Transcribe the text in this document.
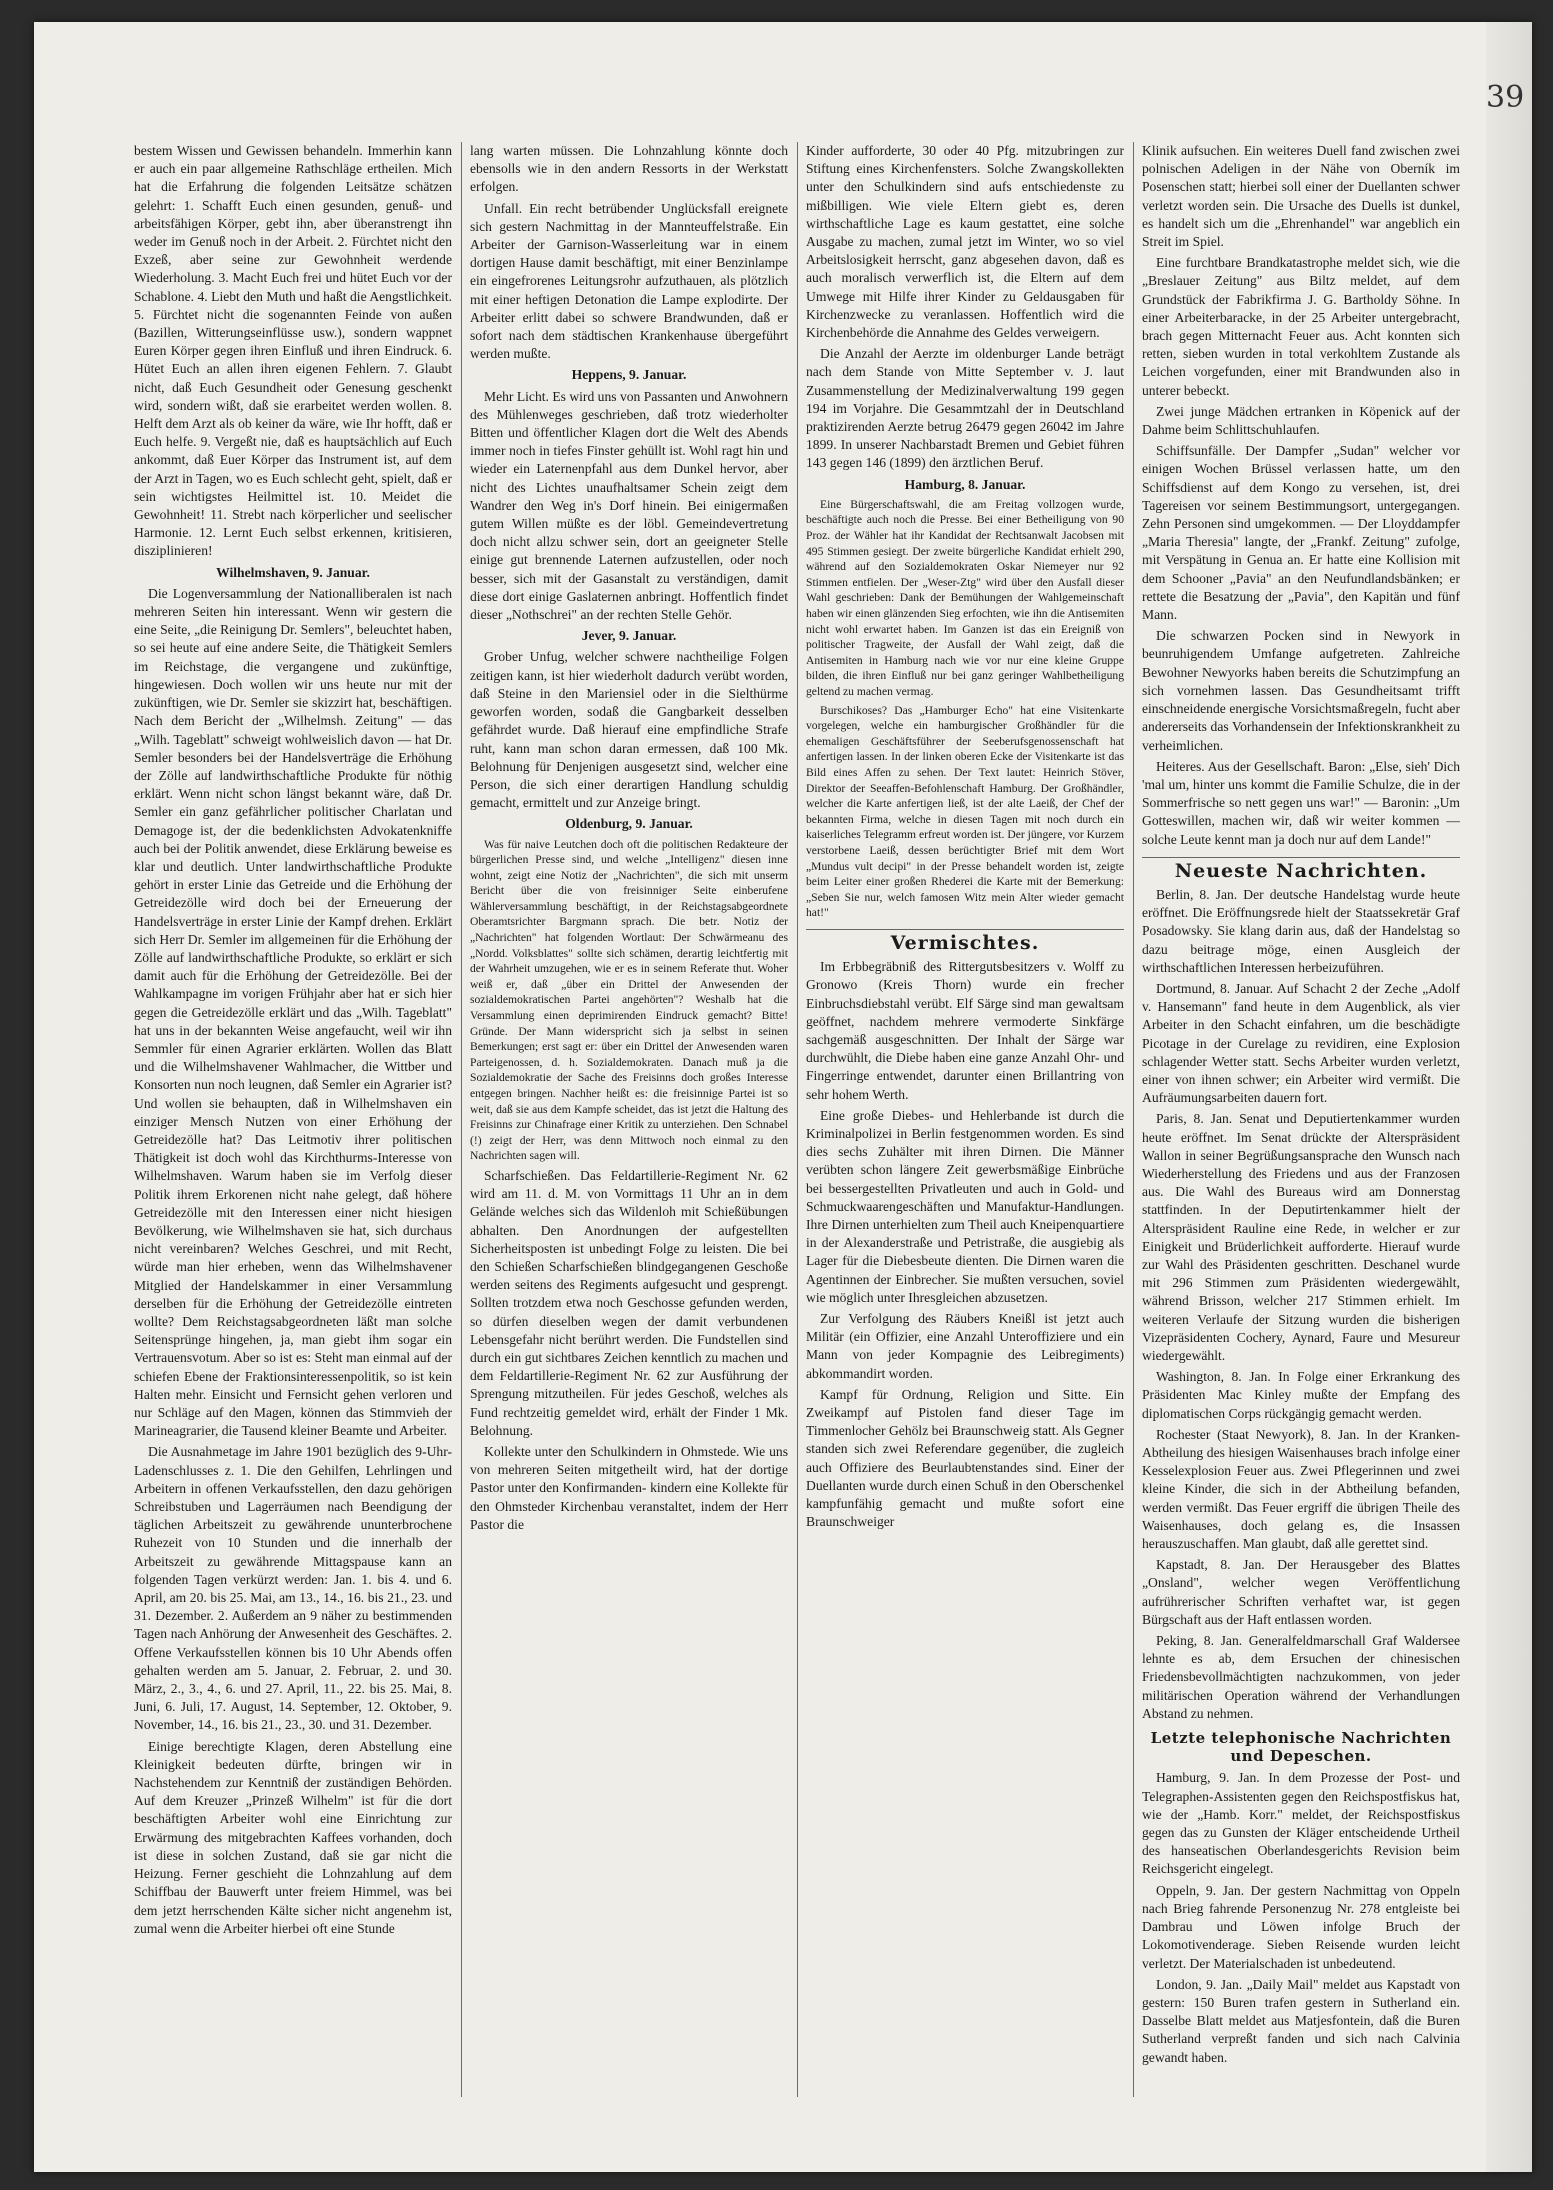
39

bestem Wissen und Gewissen behandeln. Immerhin kann er auch ein paar allgemeine Rathschläge ertheilen. Mich hat die Erfahrung die folgenden Leitsätze schätzen gelehrt: 1. Schafft Euch einen gesunden, genuß- und arbeitsfähigen Körper, gebt ihn, aber überanstrengt ihn weder im Genuß noch in der Arbeit. 2. Fürchtet nicht den Exzeß, aber seine zur Gewohnheit werdende Wiederholung. 3. Macht Euch frei und hütet Euch vor der Schablone. 4. Liebt den Muth und haßt die Aengstlichkeit. 5. Fürchtet nicht die sogenannten Feinde von außen (Bazillen, Witterungseinflüsse usw.), sondern wappnet Euren Körper gegen ihren Einfluß und ihren Eindruck. 6. Hütet Euch an allen ihren eigenen Fehlern. 7. Glaubt nicht, daß Euch Gesundheit oder Genesung geschenkt wird, sondern wißt, daß sie erarbeitet werden wollen. 8. Helft dem Arzt als ob keiner da wäre, wie Ihr hofft, daß er Euch helfe. 9. Vergeßt nie, daß es hauptsächlich auf Euch ankommt, daß Euer Körper das Instrument ist, auf dem der Arzt in Tagen, wo es Euch schlecht geht, spielt, daß er sein wichtigstes Heilmittel ist. 10. Meidet die Gewohnheit! 11. Strebt nach körperlicher und seelischer Harmonie. 12. Lernt Euch selbst erkennen, kritisieren, disziplinieren!

Wilhelmshaven, 9. Januar.

Die Logenversammlung der Nationalliberalen ist nach mehreren Seiten hin interessant. Wenn wir gestern die eine Seite, „die Reinigung Dr. Semlers", beleuchtet haben, so sei heute auf eine andere Seite, die Thätigkeit Semlers im Reichstage, die vergangene und zukünftige, hingewiesen. Doch wollen wir uns heute nur mit der zukünftigen, wie Dr. Semler sie skizzirt hat, beschäftigen. Nach dem Bericht der „Wilhelmsh. Zeitung" — das „Wilh. Tageblatt" schweigt wohlweislich davon — hat Dr. Semler besonders bei der Handelsverträge die Erhöhung der Zölle auf landwirthschaftliche Produkte für nöthig erklärt. Wenn nicht schon längst bekannt wäre, daß Dr. Semler ein ganz gefährlicher politischer Charlatan und Demagoge ist, der die bedenklichsten Advokatenkniffe auch bei der Politik anwendet, diese Erklärung beweise es klar und deutlich. Unter landwirthschaftliche Produkte gehört in erster Linie das Getreide und die Erhöhung der Getreidezölle wird doch bei der Erneuerung der Handelsverträge in erster Linie der Kampf drehen. Erklärt sich Herr Dr. Semler im allgemeinen für die Erhöhung der Zölle auf landwirthschaftliche Produkte, so erklärt er sich damit auch für die Erhöhung der Getreidezölle. Bei der Wahlkampagne im vorigen Frühjahr aber hat er sich hier gegen die Getreidezölle erklärt und das „Wilh. Tageblatt" hat uns in der bekannten Weise angefaucht, weil wir ihn Semmler für einen Agrarier erklärten. Wollen das Blatt und die Wilhelmshavener Wahlmacher, die Wittber und Konsorten nun noch leugnen, daß Semler ein Agrarier ist? Und wollen sie behaupten, daß in Wilhelmshaven ein einziger Mensch Nutzen von einer Erhöhung der Getreidezölle hat? Das Leitmotiv ihrer politischen Thätigkeit ist doch wohl das Kirchthurms-Interesse von Wilhelmshaven. Warum haben sie im Verfolg dieser Politik ihrem Erkorenen nicht nahe gelegt, daß höhere Getreidezölle mit den Interessen einer nicht hiesigen Bevölkerung, wie Wilhelmshaven sie hat, sich durchaus nicht vereinbaren? Welches Geschrei, und mit Recht, würde man hier erheben, wenn das Wilhelmshavener Mitglied der Handelskammer in einer Versammlung derselben für die Erhöhung der Getreidezölle eintreten wollte? Dem Reichstagsabgeordneten läßt man solche Seitensprünge hingehen, ja, man giebt ihm sogar ein Vertrauensvotum. Aber so ist es: Steht man einmal auf der schiefen Ebene der Fraktionsinteressenpolitik, so ist kein Halten mehr. Einsicht und Fernsicht gehen verloren und nur Schläge auf den Magen, können das Stimmvieh der Marineagrarier, die Tausend kleiner Beamte und Arbeiter.

Die Ausnahmetage im Jahre 1901 bezüglich des 9-Uhr-Ladenschlusses z. 1. Die den Gehilfen, Lehrlingen und Arbeitern in offenen Verkaufsstellen, den dazu gehörigen Schreibstuben und Lagerräumen nach Beendigung der täglichen Arbeitszeit zu gewährende ununterbrochene Ruhezeit von 10 Stunden und die innerhalb der Arbeitszeit zu gewährende Mittagspause kann an folgenden Tagen verkürzt werden: Jan. 1. bis 4. und 6. April, am 20. bis 25. Mai, am 13., 14., 16. bis 21., 23. und 31. Dezember. 2. Außerdem an 9 näher zu bestimmenden Tagen nach Anhörung der Anwesenheit des Geschäftes. 2. Offene Verkaufsstellen können bis 10 Uhr Abends offen gehalten werden am 5. Januar, 2. Februar, 2. und 30. März, 2., 3., 4., 6. und 27. April, 11., 22. bis 25. Mai, 8. Juni, 6. Juli, 17. August, 14. September, 12. Oktober, 9. November, 14., 16. bis 21., 23., 30. und 31. Dezember.

Einige berechtigte Klagen, deren Abstellung eine Kleinigkeit bedeuten dürfte, bringen wir in Nachstehendem zur Kenntniß der zuständigen Behörden. Auf dem Kreuzer „Prinzeß Wilhelm" ist für die dort beschäftigten Arbeiter wohl eine Einrichtung zur Erwärmung des mitgebrachten Kaffees vorhanden, doch ist diese in solchen Zustand, daß sie gar nicht die Heizung. Ferner geschieht die Lohnzahlung auf dem Schiffbau der Bauwerft unter freiem Himmel, was bei dem jetzt herrschenden Kälte sicher nicht angenehm ist, zumal wenn die Arbeiter hierbei oft eine Stunde

lang warten müssen. Die Lohnzahlung könnte doch ebensolls wie in den andern Ressorts in der Werkstatt erfolgen.

Unfall. Ein recht betrübender Unglücksfall ereignete sich gestern Nachmittag in der Mannteuffelstraße. Ein Arbeiter der Garnison-Wasserleitung war in einem dortigen Hause damit beschäftigt, mit einer Benzinlampe ein eingefrorenes Leitungsrohr aufzuthauen, als plötzlich mit einer heftigen Detonation die Lampe explodirte. Der Arbeiter erlitt dabei so schwere Brandwunden, daß er sofort nach dem städtischen Krankenhause übergeführt werden mußte.

Heppens, 9. Januar.

Mehr Licht. Es wird uns von Passanten und Anwohnern des Mühlenweges geschrieben, daß trotz wiederholter Bitten und öffentlicher Klagen dort die Welt des Abends immer noch in tiefes Finster gehüllt ist. Wohl ragt hin und wieder ein Laternenpfahl aus dem Dunkel hervor, aber nicht des Lichtes unaufhaltsamer Schein zeigt dem Wandrer den Weg in's Dorf hinein. Bei einigermaßen gutem Willen müßte es der löbl. Gemeindevertretung doch nicht allzu schwer sein, dort an geeigneter Stelle einige gut brennende Laternen aufzustellen, oder noch besser, sich mit der Gasanstalt zu verständigen, damit diese dort einige Gaslaternen anbringt. Hoffentlich findet dieser „Nothschrei" an der rechten Stelle Gehör.

Jever, 9. Januar.

Grober Unfug, welcher schwere nachtheilige Folgen zeitigen kann, ist hier wiederholt dadurch verübt worden, daß Steine in den Mariensiel oder in die Sielthürme geworfen worden, sodaß die Gangbarkeit desselben gefährdet wurde. Daß hierauf eine empfindliche Strafe ruht, kann man schon daran ermessen, daß 100 Mk. Belohnung für Denjenigen ausgesetzt sind, welcher eine Person, die sich einer derartigen Handlung schuldig gemacht, ermittelt und zur Anzeige bringt.

Oldenburg, 9. Januar.

Was für naive Leutchen doch oft die politischen Redakteure der bürgerlichen Presse sind, und welche „Intelligenz" diesen inne wohnt, zeigt eine Notiz der „Nachrichten", die sich mit unserm Bericht über die von freisinniger Seite einberufene Wählerversammlung beschäftigt, in der Reichstagsabgeordnete Oberamtsrichter Bargmann sprach. Die betr. Notiz der „Nachrichten" hat folgenden Wortlaut: Der Schwärmeanu des „Nordd. Volksblattes" sollte sich schämen, derartig leichtfertig mit der Wahrheit umzugehen, wie er es in seinem Referate thut. Woher weiß er, daß „über ein Drittel der Anwesenden der sozialdemokratischen Partei angehörten"? Weshalb hat die Versammlung einen deprimirenden Eindruck gemacht? Bitte! Gründe. Der Mann widerspricht sich ja selbst in seinen Bemerkungen; erst sagt er: über ein Drittel der Anwesenden waren Parteigenossen, d. h. Sozialdemokraten. Danach muß ja die Sozialdemokratie der Sache des Freisinns doch großes Interesse entgegen bringen. Nachher heißt es: die freisinnige Partei ist so weit, daß sie aus dem Kampfe scheidet, das ist jetzt die Haltung des Freisinns zur Chinafrage einer Kritik zu unterziehen. Den Schnabel (!) zeigt der Herr, was denn Mittwoch noch einmal zu den Nachrichten sagen will.

Scharfschießen. Das Feldartillerie-Regiment Nr. 62 wird am 11. d. M. von Vormittags 11 Uhr an in dem Gelände welches sich das Wildenloh mit Schießübungen abhalten. Den Anordnungen der aufgestellten Sicherheitsposten ist unbedingt Folge zu leisten. Die bei den Schießen Scharfschießen blindgegangenen Geschoße werden seitens des Regiments aufgesucht und gesprengt. Sollten trotzdem etwa noch Geschosse gefunden werden, so dürfen dieselben wegen der damit verbundenen Lebensgefahr nicht berührt werden. Die Fundstellen sind durch ein gut sichtbares Zeichen kenntlich zu machen und dem Feldartillerie-Regiment Nr. 62 zur Ausführung der Sprengung mitzutheilen. Für jedes Geschoß, welches als Fund rechtzeitig gemeldet wird, erhält der Finder 1 Mk. Belohnung.

Kollekte unter den Schulkindern in Ohmstede. Wie uns von mehreren Seiten mitgetheilt wird, hat der dortige Pastor unter den Konfirmanden- kindern eine Kollekte für den Ohmsteder Kirchenbau veranstaltet, indem der Herr Pastor die

Kinder aufforderte, 30 oder 40 Pfg. mitzubringen zur Stiftung eines Kirchenfensters. Solche Zwangskollekten unter den Schulkindern sind aufs entschiedenste zu mißbilligen. Wie viele Eltern giebt es, deren wirthschaftliche Lage es kaum gestattet, eine solche Ausgabe zu machen, zumal jetzt im Winter, wo so viel Arbeitslosigkeit herrscht, ganz abgesehen davon, daß es auch moralisch verwerflich ist, die Eltern auf dem Umwege mit Hilfe ihrer Kinder zu Geldausgaben für Kirchenzwecke zu veranlassen. Hoffentlich wird die Kirchenbehörde die Annahme des Geldes verweigern.

Die Anzahl der Aerzte im oldenburger Lande beträgt nach dem Stande von Mitte September v. J. laut Zusammenstellung der Medizinalverwaltung 199 gegen 194 im Vorjahre. Die Gesammtzahl der in Deutschland praktizirenden Aerzte betrug 26479 gegen 26042 im Jahre 1899. In unserer Nachbarstadt Bremen und Gebiet führen 143 gegen 146 (1899) den ärztlichen Beruf.

Hamburg, 8. Januar.

Eine Bürgerschaftswahl, die am Freitag vollzogen wurde, beschäftigte auch noch die Presse. Bei einer Betheiligung von 90 Proz. der Wähler hat ihr Kandidat der Rechtsanwalt Jacobsen mit 495 Stimmen gesiegt. Der zweite bürgerliche Kandidat erhielt 290, während auf den Sozialdemokraten Oskar Niemeyer nur 92 Stimmen entfielen. Der „Weser-Ztg" wird über den Ausfall dieser Wahl geschrieben: Dank der Bemühungen der Wahlgemeinschaft haben wir einen glänzenden Sieg erfochten, wie ihn die Antisemiten nicht wohl erwartet haben. Im Ganzen ist das ein Ereigniß von politischer Tragweite, der Ausfall der Wahl zeigt, daß die Antisemiten in Hamburg nach wie vor nur eine kleine Gruppe bilden, die ihren Einfluß nur bei ganz geringer Wahlbetheiligung geltend zu machen vermag.

Burschikoses? Das „Hamburger Echo" hat eine Visitenkarte vorgelegen, welche ein hamburgischer Großhändler für die ehemaligen Geschäftsführer der Seeberufsgenossenschaft hat anfertigen lassen. In der linken oberen Ecke der Visitenkarte ist das Bild eines Affen zu sehen. Der Text lautet: Heinrich Stöver, Direktor der Seeaffen-Befohlenschaft Hamburg. Der Großhändler, welcher die Karte anfertigen ließ, ist der alte Laeiß, der Chef der bekannten Firma, welche in diesen Tagen mit noch durch ein kaiserliches Telegramm erfreut worden ist. Der jüngere, vor Kurzem verstorbene Laeiß, dessen berüchtigter Brief mit dem Wort „Mundus vult decipi" in der Presse behandelt worden ist, zeigte beim Leiter einer großen Rhederei die Karte mit der Bemerkung: „Seben Sie nur, welch famosen Witz mein Alter wieder gemacht hat!"

Vermischtes.

Im Erbbegräbniß des Rittergutsbesitzers v. Wolff zu Gronowo (Kreis Thorn) wurde ein frecher Einbruchsdiebstahl verübt. Elf Särge sind man gewaltsam geöffnet, nachdem mehrere vermoderte Sinkfärge sachgemäß ausgeschnitten. Der Inhalt der Särge war durchwühlt, die Diebe haben eine ganze Anzahl Ohr- und Fingerringe entwendet, darunter einen Brillantring von sehr hohem Werth.

Eine große Diebes- und Hehlerbande ist durch die Kriminalpolizei in Berlin festgenommen worden. Es sind dies sechs Zuhälter mit ihren Dirnen. Die Männer verübten schon längere Zeit gewerbsmäßige Einbrüche bei bessergestellten Privatleuten und auch in Gold- und Schmuckwaarengeschäften und Manufaktur-Handlungen. Ihre Dirnen unterhielten zum Theil auch Kneipenquartiere in der Alexanderstraße und Petristraße, die ausgiebig als Lager für die Diebesbeute dienten. Die Dirnen waren die Agentinnen der Einbrecher. Sie mußten versuchen, soviel wie möglich unter Ihresgleichen abzusetzen.

Zur Verfolgung des Räubers Kneißl ist jetzt auch Militär (ein Offizier, eine Anzahl Unteroffiziere und ein Mann von jeder Kompagnie des Leibregiments) abkommandirt worden.

Kampf für Ordnung, Religion und Sitte. Ein Zweikampf auf Pistolen fand dieser Tage im Timmenlocher Gehölz bei Braunschweig statt. Als Gegner standen sich zwei Referendare gegenüber, die zugleich auch Offiziere des Beurlaubtenstandes sind. Einer der Duellanten wurde durch einen Schuß in den Oberschenkel kampfunfähig gemacht und mußte sofort eine Braunschweiger

Klinik aufsuchen. Ein weiteres Duell fand zwischen zwei polnischen Adeligen in der Nähe von Oberník im Posenschen statt; hierbei soll einer der Duellanten schwer verletzt worden sein. Die Ursache des Duells ist dunkel, es handelt sich um die „Ehrenhandel" war angeblich ein Streit im Spiel.

Eine furchtbare Brandkatastrophe meldet sich, wie die „Breslauer Zeitung" aus Biltz meldet, auf dem Grundstück der Fabrikfirma J. G. Bartholdy Söhne. In einer Arbeiterbaracke, in der 25 Arbeiter untergebracht, brach gegen Mitternacht Feuer aus. Acht konnten sich retten, sieben wurden in total verkohltem Zustande als Leichen vorgefunden, einer mit Brandwunden also in unterer bebeckt.

Zwei junge Mädchen ertranken in Köpenick auf der Dahme beim Schlittschuhlaufen.

Schiffsunfälle. Der Dampfer „Sudan" welcher vor einigen Wochen Brüssel verlassen hatte, um den Schiffsdienst auf dem Kongo zu versehen, ist, drei Tagereisen vor seinem Bestimmungsort, untergegangen. Zehn Personen sind umgekommen. — Der Lloyddampfer „Maria Theresia" langte, der „Frankf. Zeitung" zufolge, mit Verspätung in Genua an. Er hatte eine Kollision mit dem Schooner „Pavia" an den Neufundlandsbänken; er rettete die Besatzung der „Pavia", den Kapitän und fünf Mann.

Die schwarzen Pocken sind in Newyork in beunruhigendem Umfange aufgetreten. Zahlreiche Bewohner Newyorks haben bereits die Schutzimpfung an sich vornehmen lassen. Das Gesundheitsamt trifft einschneidende energische Vorsichtsmaßregeln, fucht aber andererseits das Vorhandensein der Infektionskrankheit zu verheimlichen.

Heiteres. Aus der Gesellschaft. Baron: „Else, sieh' Dich 'mal um, hinter uns kommt die Familie Schulze, die in der Sommerfrische so nett gegen uns war!" — Baronin: „Um Gotteswillen, machen wir, daß wir weiter kommen — solche Leute kennt man ja doch nur auf dem Lande!"

Neueste Nachrichten.

Berlin, 8. Jan. Der deutsche Handelstag wurde heute eröffnet. Die Eröffnungsrede hielt der Staatssekretär Graf Posadowsky. Sie klang darin aus, daß der Handelstag so dazu beitrage möge, einen Ausgleich der wirthschaftlichen Interessen herbeizuführen.

Dortmund, 8. Januar. Auf Schacht 2 der Zeche „Adolf v. Hansemann" fand heute in dem Augenblick, als vier Arbeiter in den Schacht einfahren, um die beschädigte Picotage in der Curelage zu revidiren, eine Explosion schlagender Wetter statt. Sechs Arbeiter wurden verletzt, einer von ihnen schwer; ein Arbeiter wird vermißt. Die Aufräumungsarbeiten dauern fort.

Paris, 8. Jan. Senat und Deputiertenkammer wurden heute eröffnet. Im Senat drückte der Alterspräsident Wallon in seiner Begrüßungsansprache den Wunsch nach Wiederherstellung des Friedens und aus der Franzosen aus. Die Wahl des Bureaus wird am Donnerstag stattfinden. In der Deputirtenkammer hielt der Alterspräsident Rauline eine Rede, in welcher er zur Einigkeit und Brüderlichkeit aufforderte. Hierauf wurde zur Wahl des Präsidenten geschritten. Deschanel wurde mit 296 Stimmen zum Präsidenten wiedergewählt, während Brisson, welcher 217 Stimmen erhielt. Im weiteren Verlaufe der Sitzung wurden die bisherigen Vizepräsidenten Cochery, Aynard, Faure und Mesureur wiedergewählt.

Washington, 8. Jan. In Folge einer Erkrankung des Präsidenten Mac Kinley mußte der Empfang des diplomatischen Corps rückgängig gemacht werden.

Rochester (Staat Newyork), 8. Jan. In der Kranken-Abtheilung des hiesigen Waisenhauses brach infolge einer Kesselexplosion Feuer aus. Zwei Pflegerinnen und zwei kleine Kinder, die sich in der Abtheilung befanden, werden vermißt. Das Feuer ergriff die übrigen Theile des Waisenhauses, doch gelang es, die Insassen herauszuschaffen. Man glaubt, daß alle gerettet sind.

Kapstadt, 8. Jan. Der Herausgeber des Blattes „Onsland", welcher wegen Veröffentlichung aufrührerischer Schriften verhaftet war, ist gegen Bürgschaft aus der Haft entlassen worden.

Peking, 8. Jan. Generalfeldmarschall Graf Waldersee lehnte es ab, dem Ersuchen der chinesischen Friedensbevollmächtigten nachzukommen, von jeder militärischen Operation während der Verhandlungen Abstand zu nehmen.

Letzte telephonische Nachrichten und Depeschen.

Hamburg, 9. Jan. In dem Prozesse der Post- und Telegraphen-Assistenten gegen den Reichspostfiskus hat, wie der „Hamb. Korr." meldet, der Reichspostfiskus gegen das zu Gunsten der Kläger entscheidende Urtheil des hanseatischen Oberlandesgerichts Revision beim Reichsgericht eingelegt.

Oppeln, 9. Jan. Der gestern Nachmittag von Oppeln nach Brieg fahrende Personenzug Nr. 278 entgleiste bei Dambrau und Löwen infolge Bruch der Lokomotivenderage. Sieben Reisende wurden leicht verletzt. Der Materialschaden ist unbedeutend.

London, 9. Jan. „Daily Mail" meldet aus Kapstadt von gestern: 150 Buren trafen gestern in Sutherland ein. Dasselbe Blatt meldet aus Matjesfontein, daß die Buren Sutherland verpreßt fanden und sich nach Calvinia gewandt haben.
